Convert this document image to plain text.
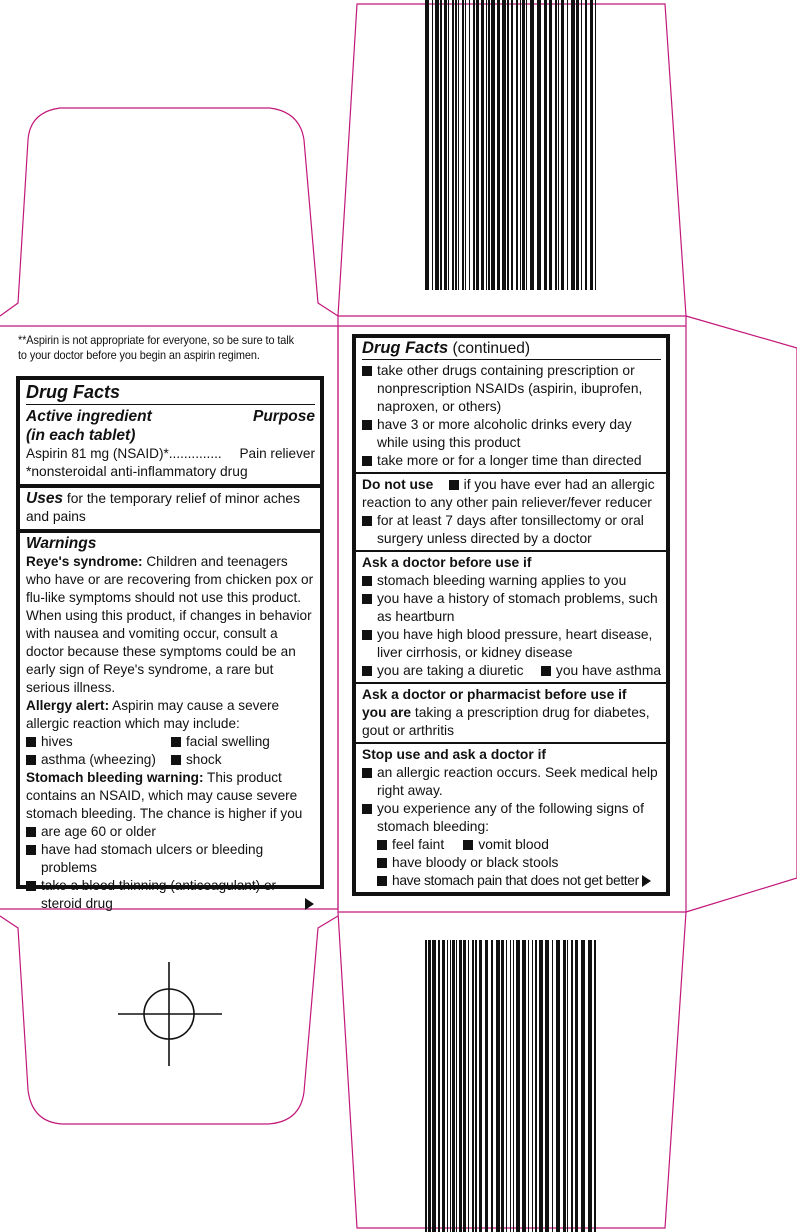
**Aspirin is not appropriate for everyone, so be sure to talk to your doctor before you begin an aspirin regimen.
Drug Facts
Active ingredient	Purpose
(in each tablet)
Aspirin 81 mg (NSAID)*.............. Pain reliever
*nonsteroidal anti-inflammatory drug
Uses for the temporary relief of minor aches and pains
Warnings
Reye's syndrome: Children and teenagers who have or are recovering from chicken pox or flu-like symptoms should not use this product. When using this product, if changes in behavior with nausea and vomiting occur, consult a doctor because these symptoms could be an early sign of Reye's syndrome, a rare but serious illness.
Allergy alert: Aspirin may cause a severe allergic reaction which may include:
hives	facial swelling
asthma (wheezing)	shock
Stomach bleeding warning: This product contains an NSAID, which may cause severe stomach bleeding. The chance is higher if you
are age 60 or older
have had stomach ulcers or bleeding problems
take a blood thinning (anticoagulant) or steroid drug
Drug Facts (continued)
take other drugs containing prescription or nonprescription NSAIDs (aspirin, ibuprofen, naproxen, or others)
have 3 or more alcoholic drinks every day while using this product
take more or for a longer time than directed
Do not use if you have ever had an allergic reaction to any other pain reliever/fever reducer
for at least 7 days after tonsillectomy or oral surgery unless directed by a doctor
Ask a doctor before use if
stomach bleeding warning applies to you
you have a history of stomach problems, such as heartburn
you have high blood pressure, heart disease, liver cirrhosis, or kidney disease
you are taking a diuretic	you have asthma
Ask a doctor or pharmacist before use if
you are taking a prescription drug for diabetes, gout or arthritis
Stop use and ask a doctor if
an allergic reaction occurs. Seek medical help right away.
you experience any of the following signs of stomach bleeding:
feel faint vomit blood
have bloody or black stools
have stomach pain that does not get better
